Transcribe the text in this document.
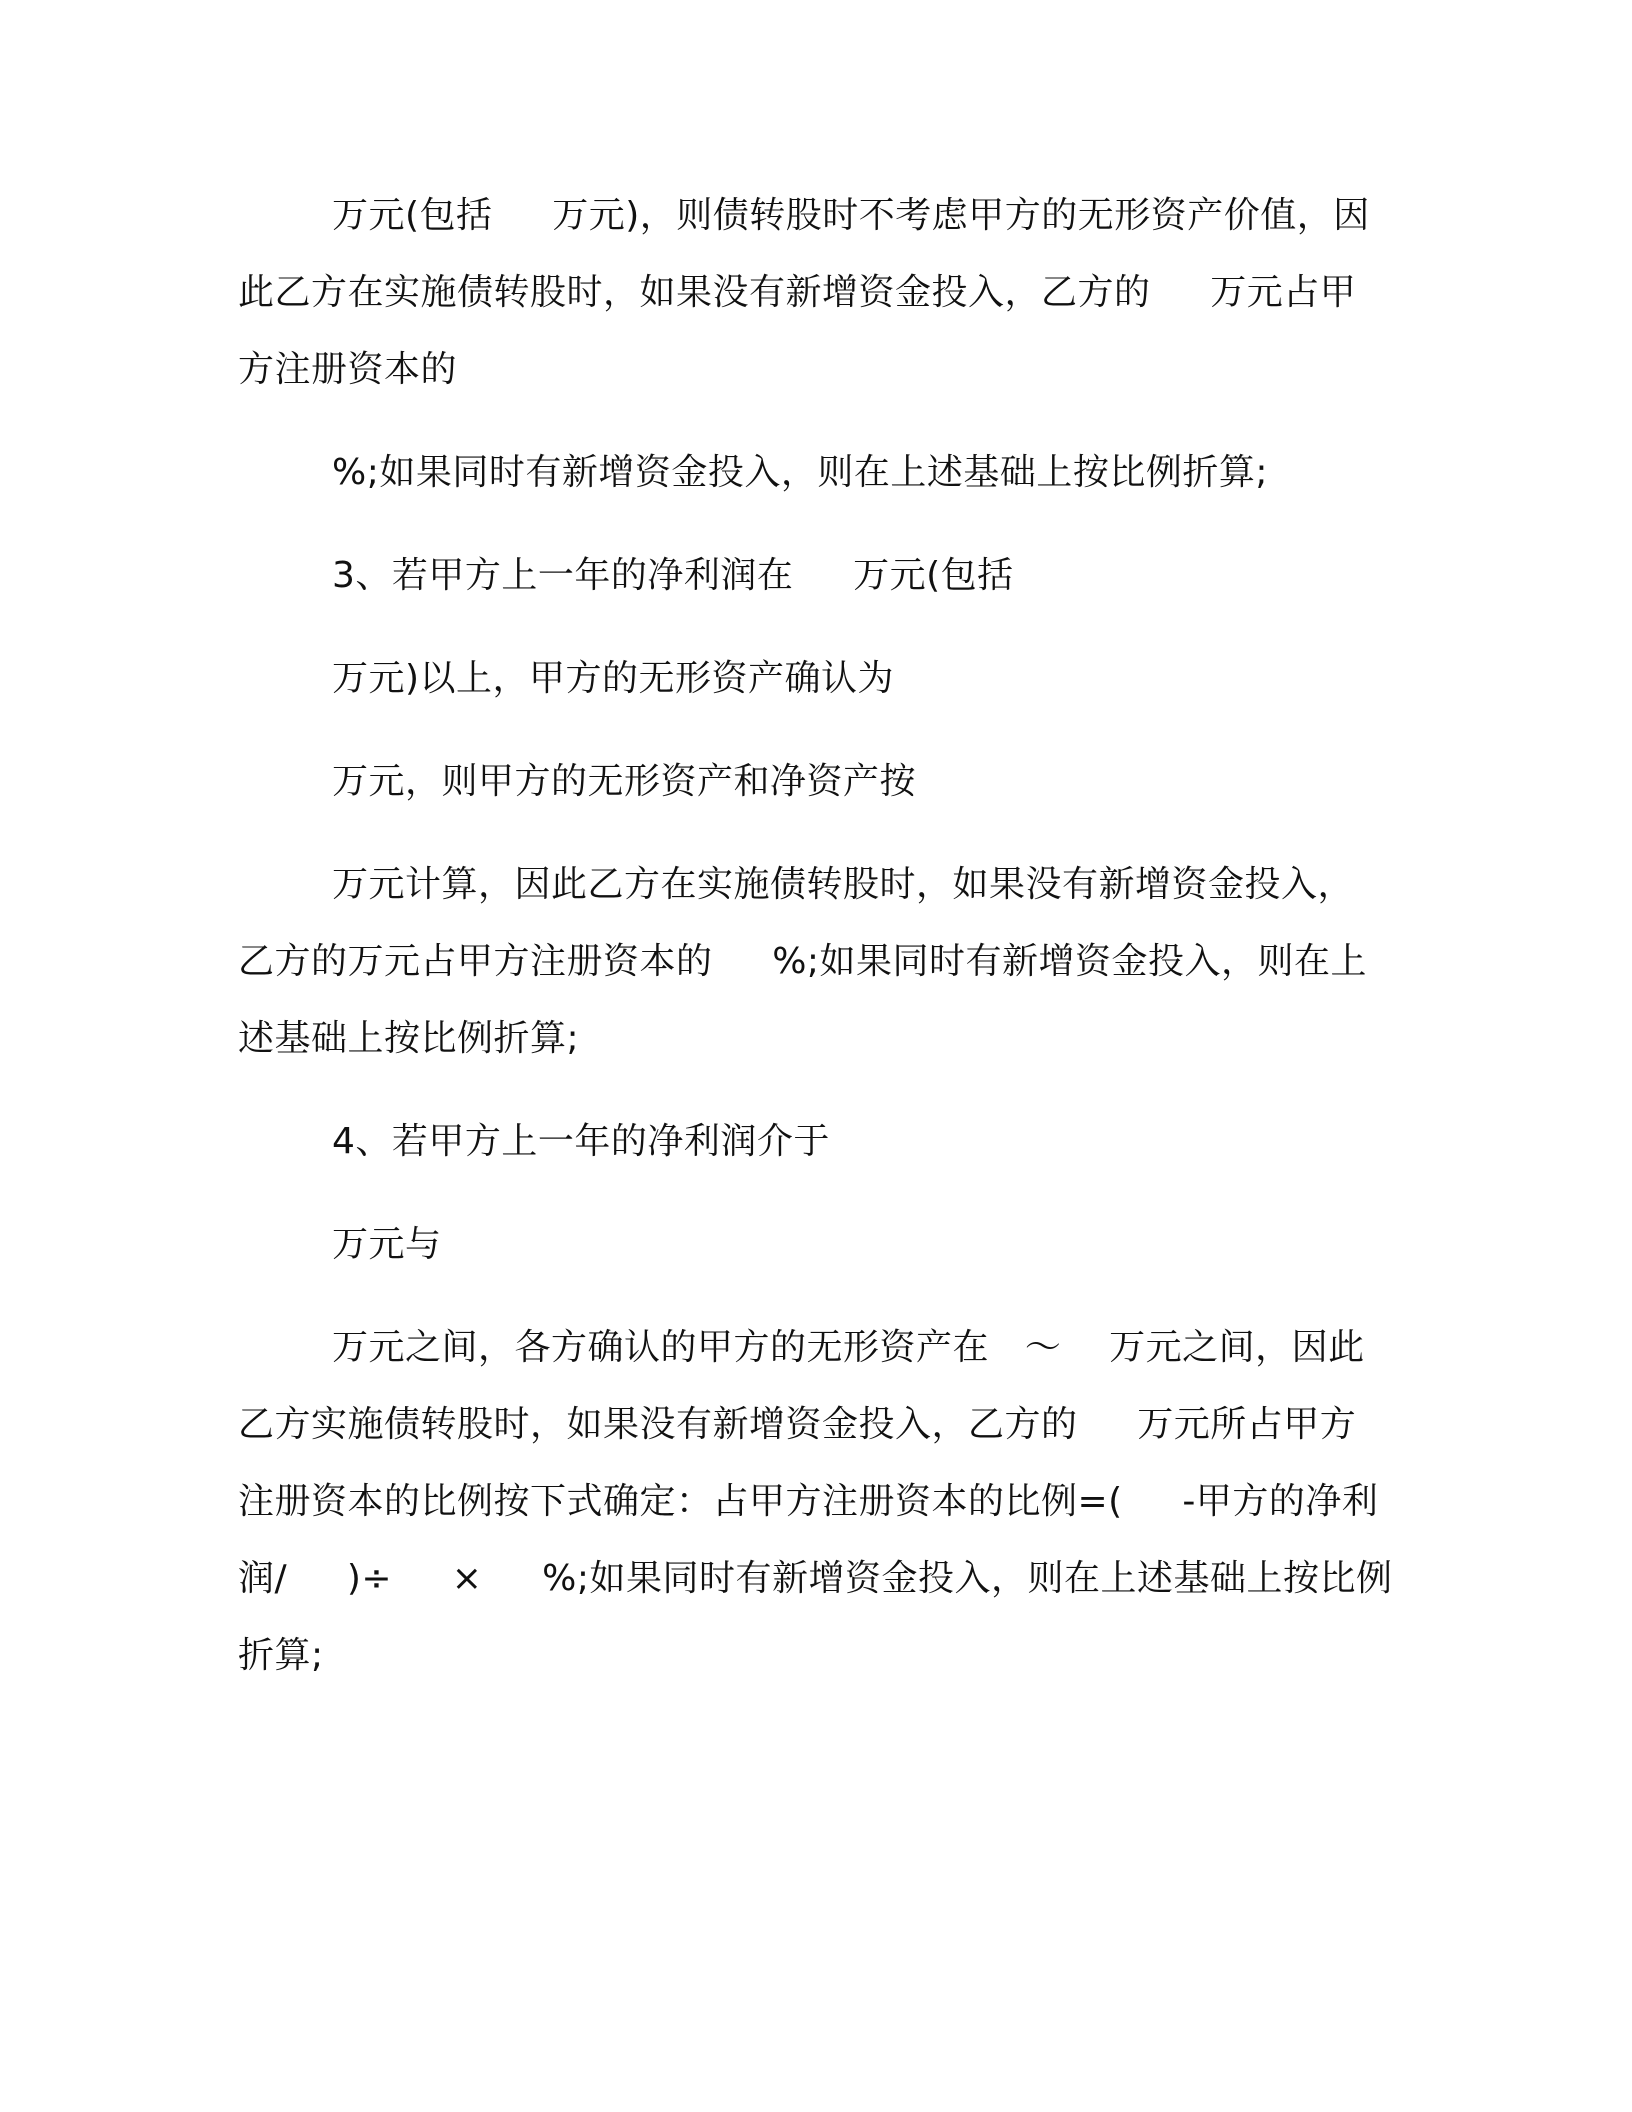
万元(包括     万元)，则债转股时不考虑甲方的无形资产价值，因
此乙方在实施债转股时，如果没有新增资金投入，乙方的     万元占甲
方注册资本的
%;如果同时有新增资金投入，则在上述基础上按比例折算;
3、若甲方上一年的净利润在     万元(包括
万元)以上，甲方的无形资产确认为
万元，则甲方的无形资产和净资产按
万元计算，因此乙方在实施债转股时，如果没有新增资金投入，
乙方的万元占甲方注册资本的     %;如果同时有新增资金投入，则在上
述基础上按比例折算;
4、若甲方上一年的净利润介于
万元与
万元之间，各方确认的甲方的无形资产在   ～    万元之间，因此
乙方实施债转股时，如果没有新增资金投入，乙方的     万元所占甲方
注册资本的比例按下式确定：占甲方注册资本的比例=(     -甲方的净利
润/     )÷     ×     %;如果同时有新增资金投入，则在上述基础上按比例
折算;
